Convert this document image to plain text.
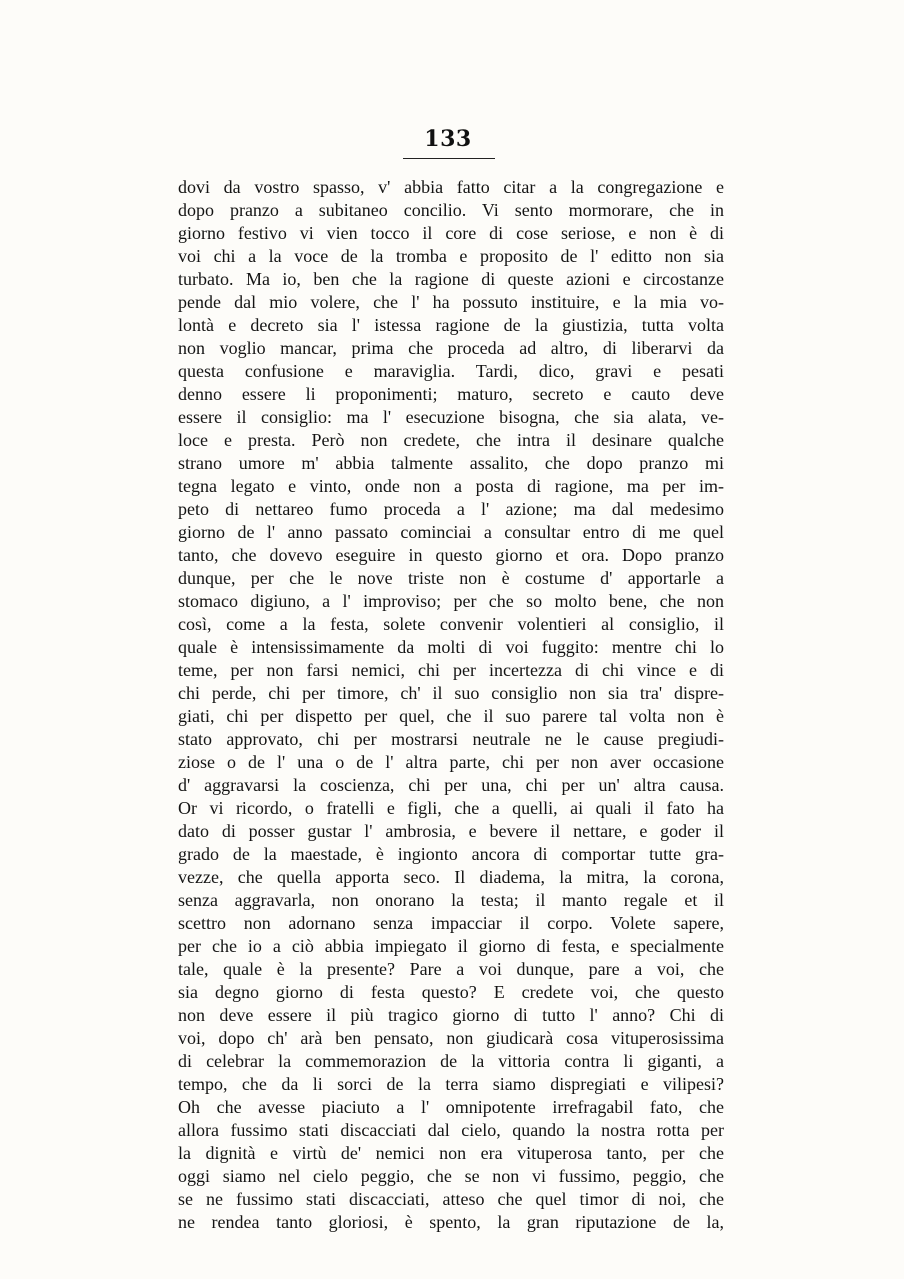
133
dovi da vostro spasso, v' abbia fatto citar a la congregazione e
dopo pranzo a subitaneo concilio. Vi sento mormorare, che in
giorno festivo vi vien tocco il core di cose seriose, e non è di
voi chi a la voce de la tromba e proposito de l' editto non sia
turbato. Ma io, ben che la ragione di queste azioni e circostanze
pende dal mio volere, che l' ha possuto instituire, e la mia vo-
lontà e decreto sia l' istessa ragione de la giustizia, tutta volta
non voglio mancar, prima che proceda ad altro, di liberarvi da
questa confusione e maraviglia. Tardi, dico, gravi e pesati
denno essere li proponimenti; maturo, secreto e cauto deve
essere il consiglio: ma l' esecuzione bisogna, che sia alata, ve-
loce e presta. Però non credete, che intra il desinare qualche
strano umore m' abbia talmente assalito, che dopo pranzo mi
tegna legato e vinto, onde non a posta di ragione, ma per im-
peto di nettareo fumo proceda a l' azione; ma dal medesimo
giorno de l' anno passato cominciai a consultar entro di me quel
tanto, che dovevo eseguire in questo giorno et ora. Dopo pranzo
dunque, per che le nove triste non è costume d' apportarle a
stomaco digiuno, a l' improviso; per che so molto bene, che non
così, come a la festa, solete convenir volentieri al consiglio, il
quale è intensissimamente da molti di voi fuggito: mentre chi lo
teme, per non farsi nemici, chi per incertezza di chi vince e di
chi perde, chi per timore, ch' il suo consiglio non sia tra' dispre-
giati, chi per dispetto per quel, che il suo parere tal volta non è
stato approvato, chi per mostrarsi neutrale ne le cause pregiudi-
ziose o de l' una o de l' altra parte, chi per non aver occasione
d' aggravarsi la coscienza, chi per una, chi per un' altra causa.
Or vi ricordo, o fratelli e figli, che a quelli, ai quali il fato ha
dato di posser gustar l' ambrosia, e bevere il nettare, e goder il
grado de la maestade, è ingionto ancora di comportar tutte gra-
vezze, che quella apporta seco. Il diadema, la mitra, la corona,
senza aggravarla, non onorano la testa; il manto regale et il
scettro non adornano senza impacciar il corpo. Volete sapere,
per che io a ciò abbia impiegato il giorno di festa, e specialmente
tale, quale è la presente? Pare a voi dunque, pare a voi, che
sia degno giorno di festa questo? E credete voi, che questo
non deve essere il più tragico giorno di tutto l' anno? Chi di
voi, dopo ch' arà ben pensato, non giudicarà cosa vituperosissima
di celebrar la commemorazion de la vittoria contra li giganti, a
tempo, che da li sorci de la terra siamo dispregiati e vilipesi?
Oh che avesse piaciuto a l' omnipotente irrefragabil fato, che
allora fussimo stati discacciati dal cielo, quando la nostra rotta per
la dignità e virtù de' nemici non era vituperosa tanto, per che
oggi siamo nel cielo peggio, che se non vi fussimo, peggio, che
se ne fussimo stati discacciati, atteso che quel timor di noi, che
ne rendea tanto gloriosi, è spento, la gran riputazione de la,
